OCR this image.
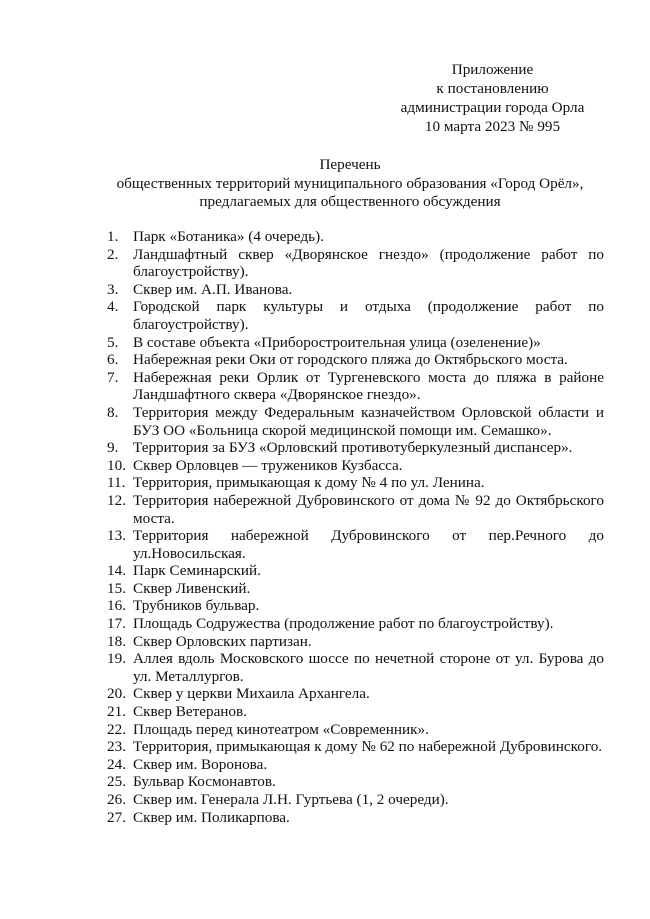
Приложение
к постановлению
администрации города Орла
10 марта 2023 № 995
Перечень
общественных территорий муниципального образования «Город Орёл»,
предлагаемых для общественного обсуждения
1. Парк «Ботаника» (4 очередь).
2. Ландшафтный сквер «Дворянское гнездо» (продолжение работ по благоустройству).
3. Сквер им. А.П. Иванова.
4. Городской парк культуры и отдыха (продолжение работ по благоустройству).
5. В составе объекта «Приборостроительная улица (озеленение)»
6. Набережная реки Оки от городского пляжа до Октябрьского моста.
7. Набережная реки Орлик от Тургеневского моста до пляжа в районе Ландшафтного сквера «Дворянское гнездо».
8. Территория между Федеральным казначейством Орловской области и БУЗ ОО «Больница скорой медицинской помощи им. Семашко».
9. Территория за БУЗ «Орловский противотуберкулезный диспансер».
10. Сквер Орловцев — тружеников Кузбасса.
11. Территория, примыкающая к дому № 4 по ул. Ленина.
12. Территория набережной Дубровинского от дома № 92 до Октябрьского моста.
13. Территория набережной Дубровинского от пер.Речного до ул.Новосильская.
14. Парк Семинарский.
15. Сквер Ливенский.
16. Трубников бульвар.
17. Площадь Содружества (продолжение работ по благоустройству).
18. Сквер Орловских партизан.
19. Аллея вдоль Московского шоссе по нечетной стороне от ул. Бурова до ул. Металлургов.
20. Сквер у церкви Михаила Архангела.
21. Сквер Ветеранов.
22. Площадь перед кинотеатром «Современник».
23. Территория, примыкающая к дому № 62 по набережной Дубровинского.
24. Сквер им. Воронова.
25. Бульвар Космонавтов.
26. Сквер им. Генерала Л.Н. Гуртьева (1, 2 очереди).
27. Сквер им. Поликарпова.
